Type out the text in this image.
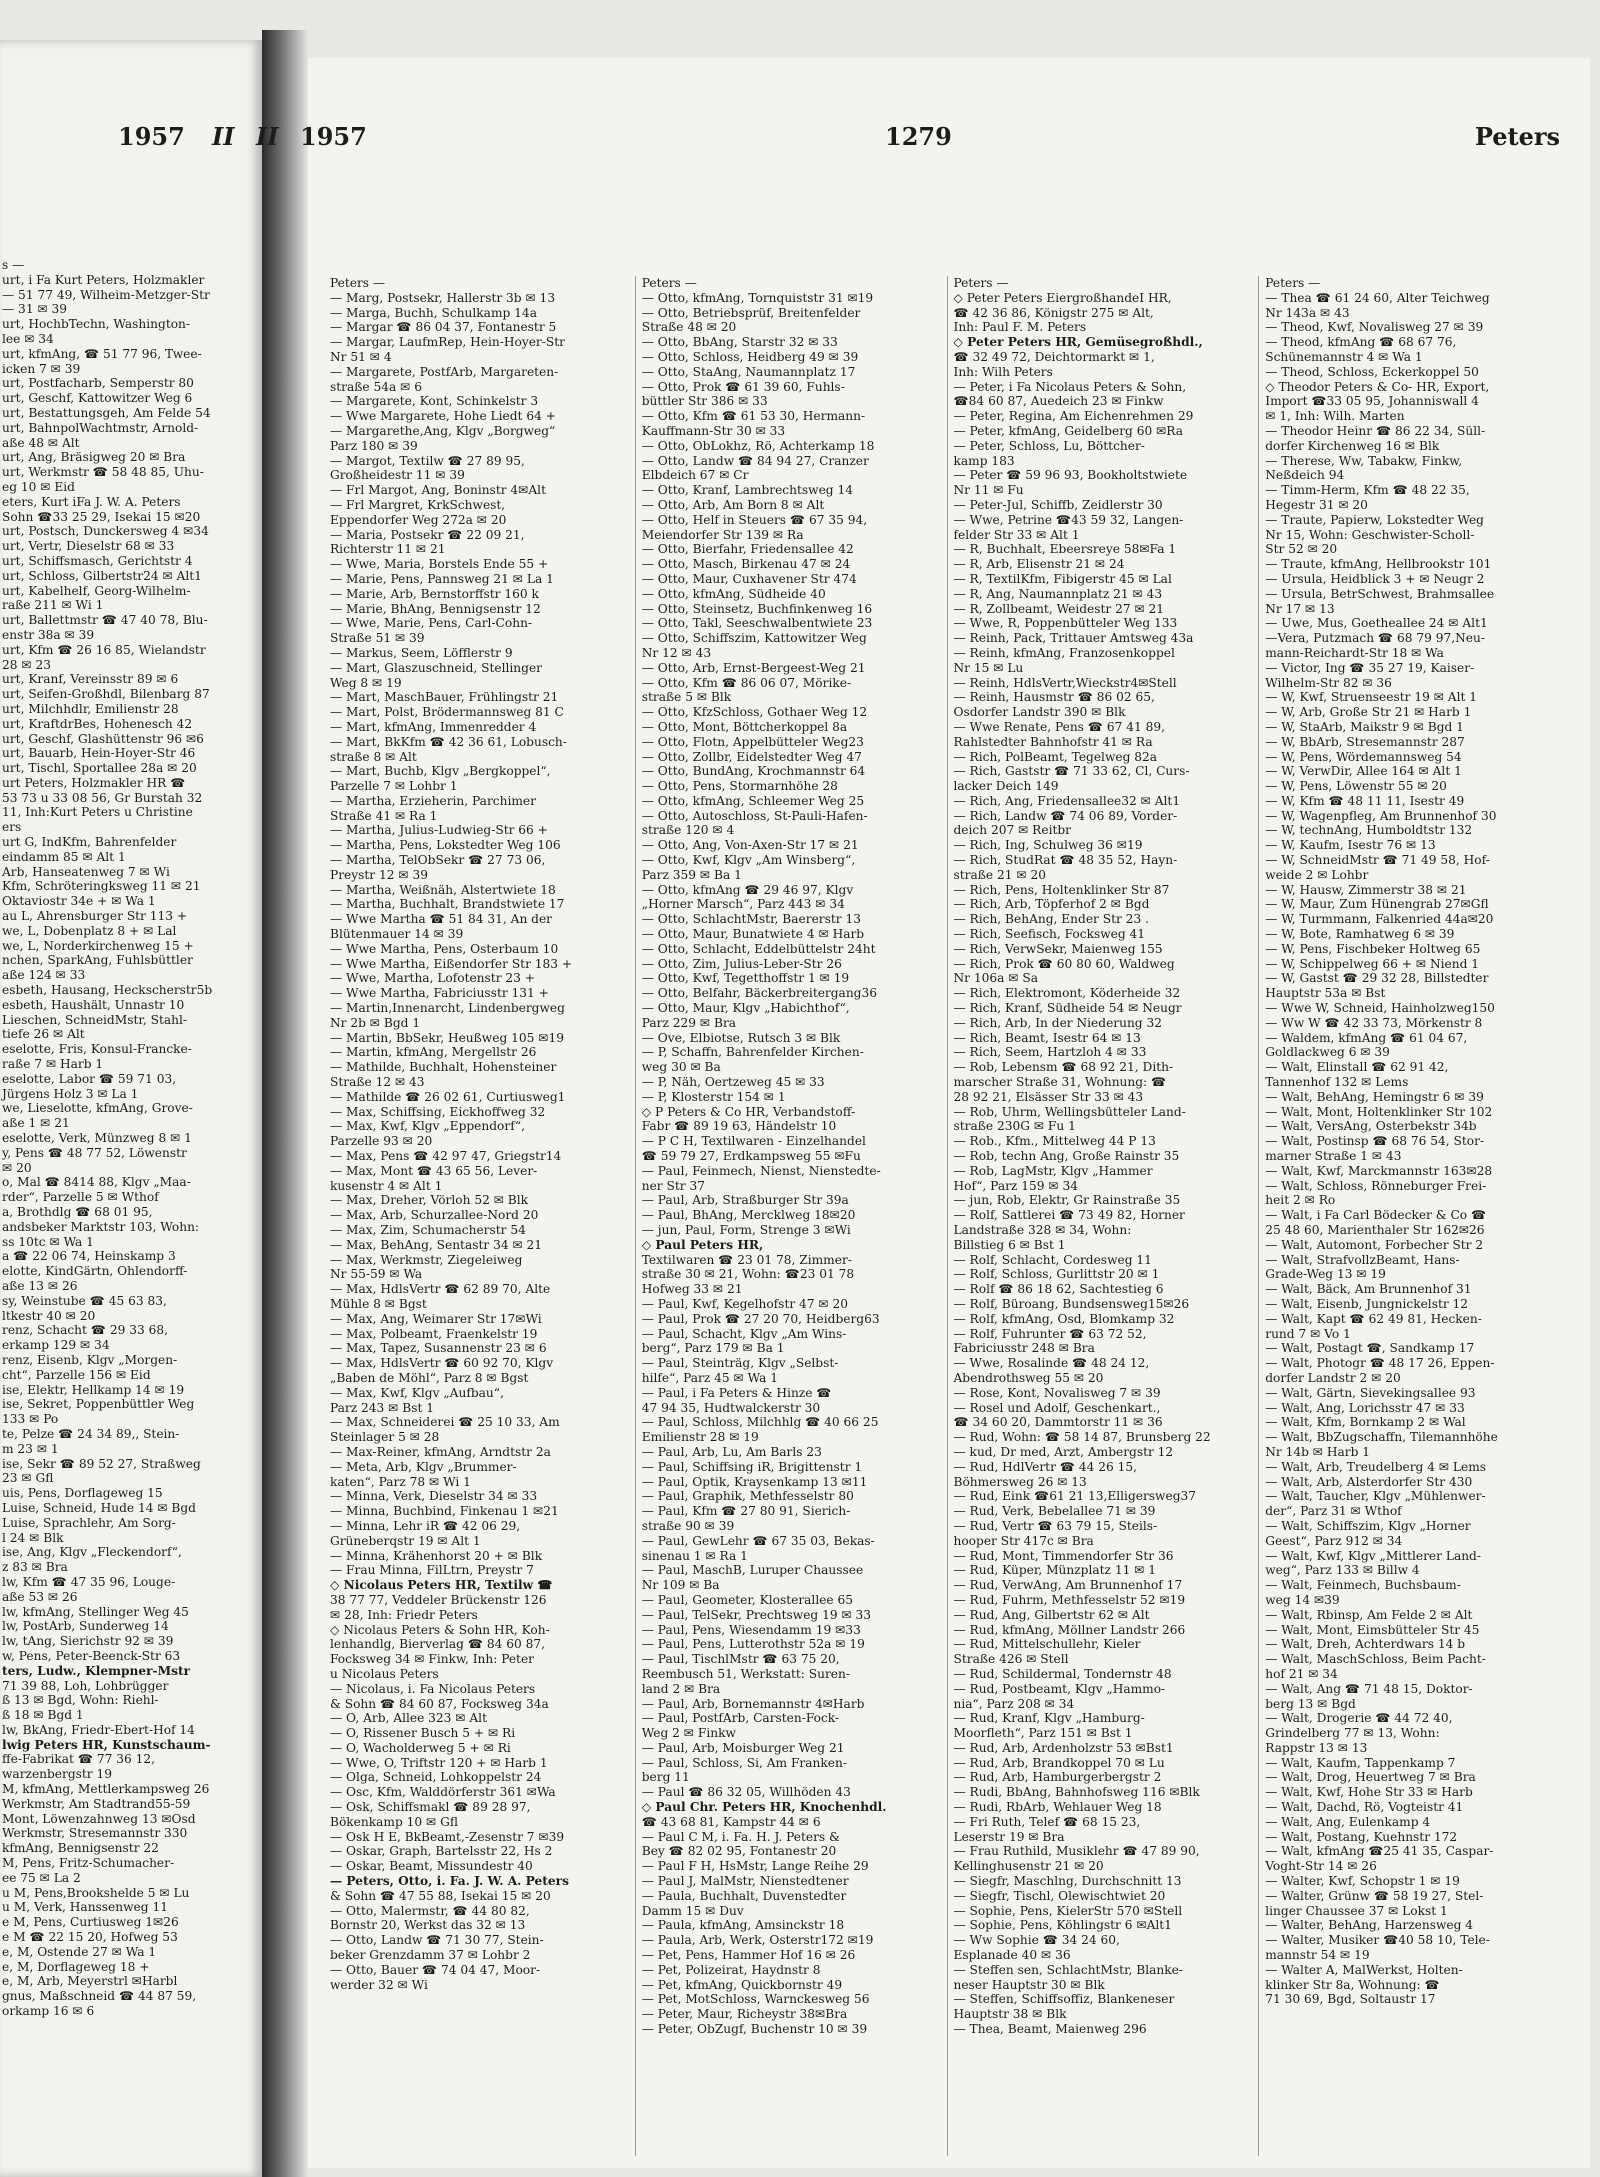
1957 II

s —

urt, i Fa Kurt Peters, Holzmakler

— 51 77 49, Wilheim-Metzger-Str

— 31 ✉ 39

urt, HochbTechn, Washington-

lee ✉ 34

urt, kfmAng, ☎ 51 77 96, Twee-

icken 7 ✉ 39

urt, Postfacharb, Semperstr 80

urt, Geschf, Kattowitzer Weg 6

urt, Bestattungsgeh, Am Felde 54

urt, BahnpolWachtmstr, Arnold-

aße 48 ✉ Alt

urt, Ang, Bräsigweg 20 ✉ Bra

urt, Werkmstr ☎ 58 48 85, Uhu-

eg 10 ✉ Eid

eters, Kurt iFa J. W. A. Peters

Sohn ☎33 25 29, Isekai 15 ✉20

urt, Postsch, Dunckersweg 4 ✉34

urt, Vertr, Dieselstr 68 ✉ 33

urt, Schiffsmasch, Gerichtstr 4

urt, Schloss, Gilbertstr24 ✉ Alt1

urt, Kabelhelf, Georg-Wilhelm-

raße 211 ✉ Wi 1

urt, Ballettmstr ☎ 47 40 78, Blu-

enstr 38a ✉ 39

urt, Kfm ☎ 26 16 85, Wielandstr

28 ✉ 23

urt, Kranf, Vereinsstr 89 ✉ 6

urt, Seifen-Großhdl, Bilenbarg 87

urt, Milchhdlr, Emilienstr 28

urt, KraftdrBes, Hohenesch 42

urt, Geschf, Glashüttenstr 96 ✉6

urt, Bauarb, Hein-Hoyer-Str 46

urt, Tischl, Sportallee 28a ✉ 20

urt Peters, Holzmakler HR ☎

53 73 u 33 08 56, Gr Burstah 32

11, Inh:Kurt Peters u Christine

ers

urt G, IndKfm, Bahrenfelder

eindamm 85 ✉ Alt 1

Arb, Hanseatenweg 7 ✉ Wi

Kfm, Schröteringksweg 11 ✉ 21

Oktaviostr 34e + ✉ Wa 1

au L, Ahrensburger Str 113 +

we, L, Dobenplatz 8 + ✉ Lal

we, L, Norderkirchenweg 15 +

nchen, SparkAng, Fuhlsbüttler

aße 124 ✉ 33

esbeth, Hausang, Heckscherstr5b

esbeth, Haushält, Unnastr 10

Lieschen, SchneidMstr, Stahl-

tiefe 26 ✉ Alt

eselotte, Fris, Konsul-Francke-

raße 7 ✉ Harb 1

eselotte, Labor ☎ 59 71 03,

Jürgens Holz 3 ✉ La 1

we, Lieselotte, kfmAng, Grove-

aße 1 ✉ 21

eselotte, Verk, Münzweg 8 ✉ 1

y, Pens ☎ 48 77 52, Löwenstr

✉ 20

o, Mal ☎ 8414 88, Klgv „Maa-

rder“, Parzelle 5 ✉ Wthof

a, Brothdlg ☎ 68 01 95,

andsbeker Marktstr 103, Wohn:

ss 10tc ✉ Wa 1

a ☎ 22 06 74, Heinskamp 3

elotte, KindGärtn, Ohlendorff-

aße 13 ✉ 26

sy, Weinstube ☎ 45 63 83,

ltkestr 40 ✉ 20

renz, Schacht ☎ 29 33 68,

erkamp 129 ✉ 34

renz, Eisenb, Klgv „Morgen-

cht“, Parzelle 156 ✉ Eid

ise, Elektr, Hellkamp 14 ✉ 19

ise, Sekret, Poppenbüttler Weg

133 ✉ Po

te, Pelze ☎ 24 34 89,, Stein-

m 23 ✉ 1

ise, Sekr ☎ 89 52 27, Straßweg

23 ✉ Gfl

uis, Pens, Dorflageweg 15

Luise, Schneid, Hude 14 ✉ Bgd

Luise, Sprachlehr, Am Sorg-

l 24 ✉ Blk

ise, Ang, Klgv „Fleckendorf“,

z 83 ✉ Bra

lw, Kfm ☎ 47 35 96, Louge-

aße 53 ✉ 26

lw, kfmAng, Stellinger Weg 45

lw, PostArb, Sunderweg 14

lw, tAng, Sierichstr 92 ✉ 39

w, Pens, Peter-Beenck-Str 63

ters, Ludw., Klempner-Mstr

71 39 88, Loh, Lohbrügger

ß 13 ✉ Bgd, Wohn: Riehl-

ß 18 ✉ Bgd 1

lw, BkAng, Friedr-Ebert-Hof 14

lwig Peters HR, Kunstschaum-

ffe-Fabrikat ☎ 77 36 12,

warzenbergstr 19

M, kfmAng, Mettlerkampsweg 26

Werkmstr, Am Stadtrand55-59

Mont, Löwenzahnweg 13 ✉Osd

Werkmstr, Stresemannstr 330

kfmAng, Bennigsenstr 22

M, Pens, Fritz-Schumacher-

ee 75 ✉ La 2

u M, Pens,Brookshelde 5 ✉ Lu

u M, Verk, Hanssenweg 11

e M, Pens, Curtiusweg 1✉26

e M ☎ 22 15 20, Hofweg 53

e, M, Ostende 27 ✉ Wa 1

e, M, Dorflageweg 18 +

e, M, Arb, Meyerstrl ✉Harbl

gnus, Maßschneid ☎ 44 87 59,

orkamp 16 ✉ 6

II 1957	1279	Peters

Peters —

— Marg, Postsekr, Hallerstr 3b ✉ 13

— Marga, Buchh, Schulkamp 14a

— Margar ☎ 86 04 37, Fontanestr 5

— Margar, LaufmRep, Hein-Hoyer-Str

Nr 51 ✉ 4

— Margarete, PostfArb, Margareten-

straße 54a ✉ 6

— Margarete, Kont, Schinkelstr 3

— Wwe Margarete, Hohe Liedt 64 +

— Margarethe,Ang, Klgv „Borgweg“

Parz 180 ✉ 39

— Margot, Textilw ☎ 27 89 95,

Großheidestr 11 ✉ 39

— Frl Margot, Ang, Boninstr 4✉Alt

— Frl Margret, KrkSchwest,

Eppendorfer Weg 272a ✉ 20

— Maria, Postsekr ☎ 22 09 21,

Richterstr 11 ✉ 21

— Wwe, Maria, Borstels Ende 55 +

— Marie, Pens, Pannsweg 21 ✉ La 1

— Marie, Arb, Bernstorffstr 160 k

— Marie, BhAng, Bennigsenstr 12

— Wwe, Marie, Pens, Carl-Cohn-

Straße 51 ✉ 39

— Markus, Seem, Löfflerstr 9

— Mart, Glaszuschneid, Stellinger

Weg 8 ✉ 19

— Mart, MaschBauer, Frühlingstr 21

— Mart, Polst, Brödermannsweg 81 C

— Mart, kfmAng, Immenredder 4

— Mart, BkKfm ☎ 42 36 61, Lobusch-

straße 8 ✉ Alt

— Mart, Buchb, Klgv „Bergkoppel“,

Parzelle 7 ✉ Lohbr 1

— Martha, Erzieherin, Parchimer

Straße 41 ✉ Ra 1

— Martha, Julius-Ludwieg-Str 66 +

— Martha, Pens, Lokstedter Weg 106

— Martha, TelObSekr ☎ 27 73 06,

Preystr 12 ✉ 39

— Martha, Weißnäh, Alstertwiete 18

— Martha, Buchhalt, Brandstwiete 17

— Wwe Martha ☎ 51 84 31, An der

Blütenmauer 14 ✉ 39

— Wwe Martha, Pens, Osterbaum 10

— Wwe Martha, Eißendorfer Str 183 +

— Wwe, Martha, Lofotenstr 23 +

— Wwe Martha, Fabriciusstr 131 +

— Martin,Innenarcht, Lindenbergweg

Nr 2b ✉ Bgd 1

— Martin, BbSekr, Heußweg 105 ✉19

— Martin, kfmAng, Mergellstr 26

— Mathilde, Buchhalt, Hohensteiner

Straße 12 ✉ 43

— Mathilde ☎ 26 02 61, Curtiusweg1

— Max, Schiffsing, Eickhoffweg 32

— Max, Kwf, Klgv „Eppendorf“,

Parzelle 93 ✉ 20

— Max, Pens ☎ 42 97 47, Griegstr14

— Max, Mont ☎ 43 65 56, Lever-

kusenstr 4 ✉ Alt 1

— Max, Dreher, Vörloh 52 ✉ Blk

— Max, Arb, Schurzallee-Nord 20

— Max, Zim, Schumacherstr 54

— Max, BehAng, Sentastr 34 ✉ 21

— Max, Werkmstr, Ziegeleiweg

Nr 55-59 ✉ Wa

— Max, HdlsVertr ☎ 62 89 70, Alte

Mühle 8 ✉ Bgst

— Max, Ang, Weimarer Str 17✉Wi

— Max, Polbeamt, Fraenkelstr 19

— Max, Tapez, Susannenstr 23 ✉ 6

— Max, HdlsVertr ☎ 60 92 70, Klgv

„Baben de Möhl“, Parz 8 ✉ Bgst

— Max, Kwf, Klgv „Aufbau“,

Parz 243 ✉ Bst 1

— Max, Schneiderei ☎ 25 10 33, Am

Steinlager 5 ✉ 28

— Max-Reiner, kfmAng, Arndtstr 2a

— Meta, Arb, Klgv „Brummer-

katen“, Parz 78 ✉ Wi 1

— Minna, Verk, Dieselstr 34 ✉ 33

— Minna, Buchbind, Finkenau 1 ✉21

— Minna, Lehr iR ☎ 42 06 29,

Grüneberqstr 19 ✉ Alt 1

— Minna, Krähenhorst 20 + ✉ Blk

— Frau Minna, FilLtrn, Preystr 7

◇ Nicolaus Peters HR, Textilw ☎

38 77 77, Veddeler Brückenstr 126

✉ 28, Inh: Friedr Peters

◇ Nicolaus Peters & Sohn HR, Koh-

lenhandlg, Bierverlag ☎ 84 60 87,

Focksweg 34 ✉ Finkw, Inh: Peter

u Nicolaus Peters

— Nicolaus, i. Fa Nicolaus Peters

& Sohn ☎ 84 60 87, Focksweg 34a

— O, Arb, Allee 323 ✉ Alt

— O, Rissener Busch 5 + ✉ Ri

— O, Wacholderweg 5 + ✉ Ri

— Wwe, O, Triftstr 120 + ✉ Harb 1

— Olga, Schneid, Lohkoppelstr 24

— Osc, Kfm, Walddörferstr 361 ✉Wa

— Osk, Schiffsmakl ☎ 89 28 97,

Bökenkamp 10 ✉ Gfl

— Osk H E, BkBeamt,-Zesenstr 7 ✉39

— Oskar, Graph, Bartelsstr 22, Hs 2

— Oskar, Beamt, Missundestr 40

— Peters, Otto, i. Fa. J. W. A. Peters

& Sohn ☎ 47 55 88, Isekai 15 ✉ 20

— Otto, Malermstr, ☎ 44 80 82,

Bornstr 20, Werkst das 32 ✉ 13

— Otto, Landw ☎ 71 30 77, Stein-

beker Grenzdamm 37 ✉ Lohbr 2

— Otto, Bauer ☎ 74 04 47, Moor-

werder 32 ✉ Wi

Peters —

— Otto, kfmAng, Tornquiststr 31 ✉19

— Otto, Betriebsprüf, Breitenfelder

Straße 48 ✉ 20

— Otto, BbAng, Starstr 32 ✉ 33

— Otto, Schloss, Heidberg 49 ✉ 39

— Otto, StaAng, Naumannplatz 17

— Otto, Prok ☎ 61 39 60, Fuhls-

büttler Str 386 ✉ 33

— Otto, Kfm ☎ 61 53 30, Hermann-

Kauffmann-Str 30 ✉ 33

— Otto, ObLokhz, Rö, Achterkamp 18

— Otto, Landw ☎ 84 94 27, Cranzer

Elbdeich 67 ✉ Cr

— Otto, Kranf, Lambrechtsweg 14

— Otto, Arb, Am Born 8 ✉ Alt

— Otto, Helf in Steuers ☎ 67 35 94,

Meiendorfer Str 139 ✉ Ra

— Otto, Bierfahr, Friedensallee 42

— Otto, Masch, Birkenau 47 ✉ 24

— Otto, Maur, Cuxhavener Str 474

— Otto, kfmAng, Südheide 40

— Otto, Steinsetz, Buchfinkenweg 16

— Otto, Takl, Seeschwalbentwiete 23

— Otto, Schiffszim, Kattowitzer Weg

Nr 12 ✉ 43

— Otto, Arb, Ernst-Bergeest-Weg 21

— Otto, Kfm ☎ 86 06 07, Mörike-

straße 5 ✉ Blk

— Otto, KfzSchloss, Gothaer Weg 12

— Otto, Mont, Böttcherkoppel 8a

— Otto, Flotn, Appelbütteler Weg23

— Otto, Zollbr, Eidelstedter Weg 47

— Otto, BundAng, Krochmannstr 64

— Otto, Pens, Stormarnhöhe 28

— Otto, kfmAng, Schleemer Weg 25

— Otto, Autoschloss, St-Pauli-Hafen-

straße 120 ✉ 4

— Otto, Ang, Von-Axen-Str 17 ✉ 21

— Otto, Kwf, Klgv „Am Winsberg“,

Parz 359 ✉ Ba 1

— Otto, kfmAng ☎ 29 46 97, Klgv

„Horner Marsch“, Parz 443 ✉ 34

— Otto, SchlachtMstr, Baererstr 13

— Otto, Maur, Bunatwiete 4 ✉ Harb

— Otto, Schlacht, Eddelbüttelstr 24ht

— Otto, Zim, Julius-Leber-Str 26

— Otto, Kwf, Tegetthoffstr 1 ✉ 19

— Otto, Belfahr, Bäckerbreitergang36

— Otto, Maur, Klgv „Habichthof“,

Parz 229 ✉ Bra

— Ove, Elbiotse, Rutsch 3 ✉ Blk

— P, Schaffn, Bahrenfelder Kirchen-

weg 30 ✉ Ba

— P, Näh, Oertzeweg 45 ✉ 33

— P, Klosterstr 154 ✉ 1

◇ P Peters & Co HR, Verbandstoff-

Fabr ☎ 89 19 63, Händelstr 10

— P C H, Textilwaren - Einzelhandel

☎ 59 79 27, Erdkampsweg 55 ✉Fu

— Paul, Feinmech, Nienst, Nienstedte-

ner Str 37

— Paul, Arb, Straßburger Str 39a

— Paul, BhAng, Mercklweg 18✉20

— jun, Paul, Form, Strenge 3 ✉Wi

◇ Paul Peters HR,

Textilwaren ☎ 23 01 78, Zimmer-

straße 30 ✉ 21, Wohn: ☎23 01 78

Hofweg 33 ✉ 21

— Paul, Kwf, Kegelhofstr 47 ✉ 20

— Paul, Prok ☎ 27 20 70, Heidberg63

— Paul, Schacht, Klgv „Am Wins-

berg“, Parz 179 ✉ Ba 1

— Paul, Steinträg, Klgv „Selbst-

hilfe“, Parz 45 ✉ Wa 1

— Paul, i Fa Peters & Hinze ☎

47 94 35, Hudtwalckerstr 30

— Paul, Schloss, Milchhlg ☎ 40 66 25

Emilienstr 28 ✉ 19

— Paul, Arb, Lu, Am Barls 23

— Paul, Schiffsing iR, Brigittenstr 1

— Paul, Optik, Kraysenkamp 13 ✉11

— Paul, Graphik, Methfesselstr 80

— Paul, Kfm ☎ 27 80 91, Sierich-

straße 90 ✉ 39

— Paul, GewLehr ☎ 67 35 03, Bekas-

sinenau 1 ✉ Ra 1

— Paul, MaschB, Luruper Chaussee

Nr 109 ✉ Ba

— Paul, Geometer, Klosterallee 65

— Paul, TelSekr, Prechtsweg 19 ✉ 33

— Paul, Pens, Wiesendamm 19 ✉33

— Paul, Pens, Lutterothstr 52a ✉ 19

— Paul, TischlMstr ☎ 63 75 20,

Reembusch 51, Werkstatt: Suren-

land 2 ✉ Bra

— Paul, Arb, Bornemannstr 4✉Harb

— Paul, PostfArb, Carsten-Fock-

Weg 2 ✉ Finkw

— Paul, Arb, Moisburger Weg 21

— Paul, Schloss, Si, Am Franken-

berg 11

— Paul ☎ 86 32 05, Willhöden 43

◇ Paul Chr. Peters HR, Knochenhdl.

☎ 43 68 81, Kampstr 44 ✉ 6

— Paul C M, i. Fa. H. J. Peters &

Bey ☎ 82 02 95, Fontanestr 20

— Paul F H, HsMstr, Lange Reihe 29

— Paul J, MalMstr, Nienstedtener

— Paula, Buchhalt, Duvenstedter

Damm 15 ✉ Duv

— Paula, kfmAng, Amsinckstr 18

— Paula, Arb, Werk, Osterstr172 ✉19

— Pet, Pens, Hammer Hof 16 ✉ 26

— Pet, Polizeirat, Haydnstr 8

— Pet, kfmAng, Quickbornstr 49

— Pet, MotSchloss, Warnckesweg 56

— Peter, Maur, Richeystr 38✉Bra

— Peter, ObZugf, Buchenstr 10 ✉ 39

Peters —

◇ Peter Peters EiergroßhandeI HR,

☎ 42 36 86, Königstr 275 ✉ Alt,

Inh: Paul F. M. Peters

◇ Peter Peters HR, Gemüsegroßhdl.,

☎ 32 49 72, Deichtormarkt ✉ 1,

Inh: Wilh Peters

— Peter, i Fa Nicolaus Peters & Sohn,

☎84 60 87, Auedeich 23 ✉ Finkw

— Peter, Regina, Am Eichenrehmen 29

— Peter, kfmAng, Geidelberg 60 ✉Ra

— Peter, Schloss, Lu, Böttcher-

kamp 183

— Peter ☎ 59 96 93, Bookholtstwiete

Nr 11 ✉ Fu

— Peter-Jul, Schiffb, Zeidlerstr 30

— Wwe, Petrine ☎43 59 32, Langen-

felder Str 33 ✉ Alt 1

— R, Buchhalt, Ebeersreye 58✉Fa 1

— R, Arb, Elisenstr 21 ✉ 24

— R, TextilKfm, Fibigerstr 45 ✉ Lal

— R, Ang, Naumannplatz 21 ✉ 43

— R, Zollbeamt, Weidestr 27 ✉ 21

— Wwe, R, Poppenbütteler Weg 133

— Reinh, Pack, Trittauer Amtsweg 43a

— Reinh, kfmAng, Franzosenkoppel

Nr 15 ✉ Lu

— Reinh, HdlsVertr,Wieckstr4✉Stell

— Reinh, Hausmstr ☎ 86 02 65,

Osdorfer Landstr 390 ✉ Blk

— Wwe Renate, Pens ☎ 67 41 89,

Rahlstedter Bahnhofstr 41 ✉ Ra

— Rich, PolBeamt, Tegelweg 82a

— Rich, Gaststr ☎ 71 33 62, Cl, Curs-

lacker Deich 149

— Rich, Ang, Friedensallee32 ✉ Alt1

— Rich, Landw ☎ 74 06 89, Vorder-

deich 207 ✉ Reitbr

— Rich, Ing, Schulweg 36 ✉19

— Rich, StudRat ☎ 48 35 52, Hayn-

straße 21 ✉ 20

— Rich, Pens, Holtenklinker Str 87

— Rich, Arb, Töpferhof 2 ✉ Bgd

— Rich, BehAng, Ender Str 23 .

— Rich, Seefisch, Focksweg 41

— Rich, VerwSekr, Maienweg 155

— Rich, Prok ☎ 60 80 60, Waldweg

Nr 106a ✉ Sa

— Rich, Elektromont, Köderheide 32

— Rich, Kranf, Südheide 54 ✉ Neugr

— Rich, Arb, In der Niederung 32

— Rich, Beamt, Isestr 64 ✉ 13

— Rich, Seem, Hartzloh 4 ✉ 33

— Rob, Lebensm ☎ 68 92 21, Dith-

marscher Straße 31, Wohnung: ☎

28 92 21, Elsässer Str 33 ✉ 43

— Rob, Uhrm, Wellingsbütteler Land-

straße 230G ✉ Fu 1

— Rob., Kfm., Mittelweg 44 P 13

— Rob, techn Ang, Große Rainstr 35

— Rob, LagMstr, Klgv „Hammer

Hof“, Parz 159 ✉ 34

— jun, Rob, Elektr, Gr Rainstraße 35

— Rolf, Sattlerei ☎ 73 49 82, Horner

Landstraße 328 ✉ 34, Wohn:

Billstieg 6 ✉ Bst 1

— Rolf, Schlacht, Cordesweg 11

— Rolf, Schloss, Gurlittstr 20 ✉ 1

— Rolf ☎ 86 18 62, Sachtestieg 6

— Rolf, Büroang, Bundsensweg15✉26

— Rolf, kfmAng, Osd, Blomkamp 32

— Rolf, Fuhrunter ☎ 63 72 52,

Fabriciusstr 248 ✉ Bra

— Wwe, Rosalinde ☎ 48 24 12,

Abendrothsweg 55 ✉ 20

— Rose, Kont, Novalisweg 7 ✉ 39

— Rosel und Adolf, Geschenkart.,

☎ 34 60 20, Dammtorstr 11 ✉ 36

— Rud, Wohn: ☎ 58 14 87, Brunsberg 22

— kud, Dr med, Arzt, Ambergstr 12

— Rud, HdlVertr ☎ 44 26 15,

Böhmersweg 26 ✉ 13

— Rud, Eink ☎61 21 13,Elligersweg37

— Rud, Verk, Bebelallee 71 ✉ 39

— Rud, Vertr ☎ 63 79 15, Steils-

hooper Str 417c ✉ Bra

— Rud, Mont, Timmendorfer Str 36

— Rud, Küper, Münzplatz 11 ✉ 1

— Rud, VerwAng, Am Brunnenhof 17

— Rud, Fuhrm, Methfesselstr 52 ✉19

— Rud, Ang, Gilbertstr 62 ✉ Alt

— Rud, kfmAng, Möllner Landstr 266

— Rud, Mittelschullehr, Kieler

Straße 426 ✉ Stell

— Rud, Schildermal, Tondernstr 48

— Rud, Postbeamt, Klgv „Hammo-

nia“, Parz 208 ✉ 34

— Rud, Kranf, Klgv „Hamburg-

Moorfleth“, Parz 151 ✉ Bst 1

— Rud, Arb, Ardenholzstr 53 ✉Bst1

— Rud, Arb, Brandkoppel 70 ✉ Lu

— Rud, Arb, Hamburgerbergstr 2

— Rudi, BbAng, Bahnhofsweg 116 ✉Blk

— Rudi, RbArb, Wehlauer Weg 18

— Fri Ruth, Telef ☎ 68 15 23,

Leserstr 19 ✉ Bra

— Frau Ruthild, Musiklehr ☎ 47 89 90,

Kellinghusenstr 21 ✉ 20

— Siegfr, Maschlng, Durchschnitt 13

— Siegfr, Tischl, Olewischtwiet 20

— Sophie, Pens, KielerStr 570 ✉Stell

— Sophie, Pens, Köhlingstr 6 ✉Alt1

— Ww Sophie ☎ 34 24 60,

Esplanade 40 ✉ 36

— Steffen sen, SchlachtMstr, Blanke-

neser Hauptstr 30 ✉ Blk

— Steffen, Schiffsoffiz, Blankeneser

Hauptstr 38 ✉ Blk

— Thea, Beamt, Maienweg 296

Peters —

— Thea ☎ 61 24 60, Alter Teichweg

Nr 143a ✉ 43

— Theod, Kwf, Novalisweg 27 ✉ 39

— Theod, kfmAng ☎ 68 67 76,

Schünemannstr 4 ✉ Wa 1

— Theod, Schloss, Eckerkoppel 50

◇ Theodor Peters & Co- HR, Export,

Import ☎33 05 95, Johanniswall 4

✉ 1, Inh: Wilh. Marten

— Theodor Heinr ☎ 86 22 34, Süll-

dorfer Kirchenweg 16 ✉ Blk

— Therese, Ww, Tabakw, Finkw,

Neßdeich 94

— Timm-Herm, Kfm ☎ 48 22 35,

Hegestr 31 ✉ 20

— Traute, Papierw, Lokstedter Weg

Nr 15, Wohn: Geschwister-Scholl-

Str 52 ✉ 20

— Traute, kfmAng, Hellbrookstr 101

— Ursula, Heidblick 3 + ✉ Neugr 2

— Ursula, BetrSchwest, Brahmsallee

Nr 17 ✉ 13

— Uwe, Mus, Goetheallee 24 ✉ Alt1

—Vera, Putzmach ☎ 68 79 97,Neu-

mann-Reichardt-Str 18 ✉ Wa

— Victor, Ing ☎ 35 27 19, Kaiser-

Wilhelm-Str 82 ✉ 36

— W, Kwf, Struenseestr 19 ✉ Alt 1

— W, Arb, Große Str 21 ✉ Harb 1

— W, StaArb, Maikstr 9 ✉ Bgd 1

— W, BbArb, Stresemannstr 287

— W, Pens, Wördemannsweg 54

— W, VerwDir, Allee 164 ✉ Alt 1

— W, Pens, Löwenstr 55 ✉ 20

— W, Kfm ☎ 48 11 11, Isestr 49

— W, Wagenpfleg, Am Brunnenhof 30

— W, technAng, Humboldtstr 132

— W, Kaufm, Isestr 76 ✉ 13

— W, SchneidMstr ☎ 71 49 58, Hof-

weide 2 ✉ Lohbr

— W, Hausw, Zimmerstr 38 ✉ 21

— W, Maur, Zum Hünengrab 27✉Gfl

— W, Turmmann, Falkenried 44a✉20

— W, Bote, Ramhatweg 6 ✉ 39

— W, Pens, Fischbeker Holtweg 65

— W, Schippelweg 66 + ✉ Niend 1

— W, Gastst ☎ 29 32 28, Billstedter

Hauptstr 53a ✉ Bst

— Wwe W, Schneid, Hainholzweg150

— Ww W ☎ 42 33 73, Mörkenstr 8

— Waldem, kfmAng ☎ 61 04 67,

Goldlackweg 6 ✉ 39

— Walt, Elinstall ☎ 62 91 42,

Tannenhof 132 ✉ Lems

— Walt, BehAng, Hemingstr 6 ✉ 39

— Walt, Mont, Holtenklinker Str 102

— Walt, VersAng, Osterbekstr 34b

— Walt, Postinsp ☎ 68 76 54, Stor-

marner Straße 1 ✉ 43

— Walt, Kwf, Marckmannstr 163✉28

— Walt, Schloss, Rönneburger Frei-

heit 2 ✉ Ro

— Walt, i Fa Carl Bödecker & Co ☎

25 48 60, Marienthaler Str 162✉26

— Walt, Automont, Forbecher Str 2

— Walt, StrafvollzBeamt, Hans-

Grade-Weg 13 ✉ 19

— Walt, Bäck, Am Brunnenhof 31

— Walt, Eisenb, Jungnickelstr 12

— Walt, Kapt ☎ 62 49 81, Hecken-

rund 7 ✉ Vo 1

— Walt, Postagt ☎, Sandkamp 17

— Walt, Photogr ☎ 48 17 26, Eppen-

dorfer Landstr 2 ✉ 20

— Walt, Gärtn, Sievekingsallee 93

— Walt, Ang, Lorichsstr 47 ✉ 33

— Walt, Kfm, Bornkamp 2 ✉ Wal

— Walt, BbZugschaffn, Tilemannhöhe

Nr 14b ✉ Harb 1

— Walt, Arb, Treudelberg 4 ✉ Lems

— Walt, Arb, Alsterdorfer Str 430

— Walt, Taucher, Klgv „Mühlenwer-

der“, Parz 31 ✉ Wthof

— Walt, Schiffszim, Klgv „Horner

Geest“, Parz 912 ✉ 34

— Walt, Kwf, Klgv „Mittlerer Land-

weg“, Parz 133 ✉ Billw 4

— Walt, Feinmech, Buchsbaum-

weg 14 ✉39

— Walt, Rbinsp, Am Felde 2 ✉ Alt

— Walt, Mont, Eimsbütteler Str 45

— Walt, Dreh, Achterdwars 14 b

— Walt, MaschSchloss, Beim Pacht-

hof 21 ✉ 34

— Walt, Ang ☎ 71 48 15, Doktor-

berg 13 ✉ Bgd

— Walt, Drogerie ☎ 44 72 40,

Grindelberg 77 ✉ 13, Wohn:

Rappstr 13 ✉ 13

— Walt, Kaufm, Tappenkamp 7

— Walt, Drog, Heuertweg 7 ✉ Bra

— Walt, Kwf, Hohe Str 33 ✉ Harb

— Walt, Dachd, Rö, Vogteistr 41

— Walt, Ang, Eulenkamp 4

— Walt, Postang, Kuehnstr 172

— Walt, kfmAng ☎25 41 35, Caspar-

Voght-Str 14 ✉ 26

— Walter, Kwf, Schopstr 1 ✉ 19

— Walter, Grünw ☎ 58 19 27, Stel-

linger Chaussee 37 ✉ Lokst 1

— Walter, BehAng, Harzensweg 4

— Walter, Musiker ☎40 58 10, Tele-

mannstr 54 ✉ 19

— Walter A, MalWerkst, Holten-

klinker Str 8a, Wohnung: ☎

71 30 69, Bgd, Soltaustr 17
